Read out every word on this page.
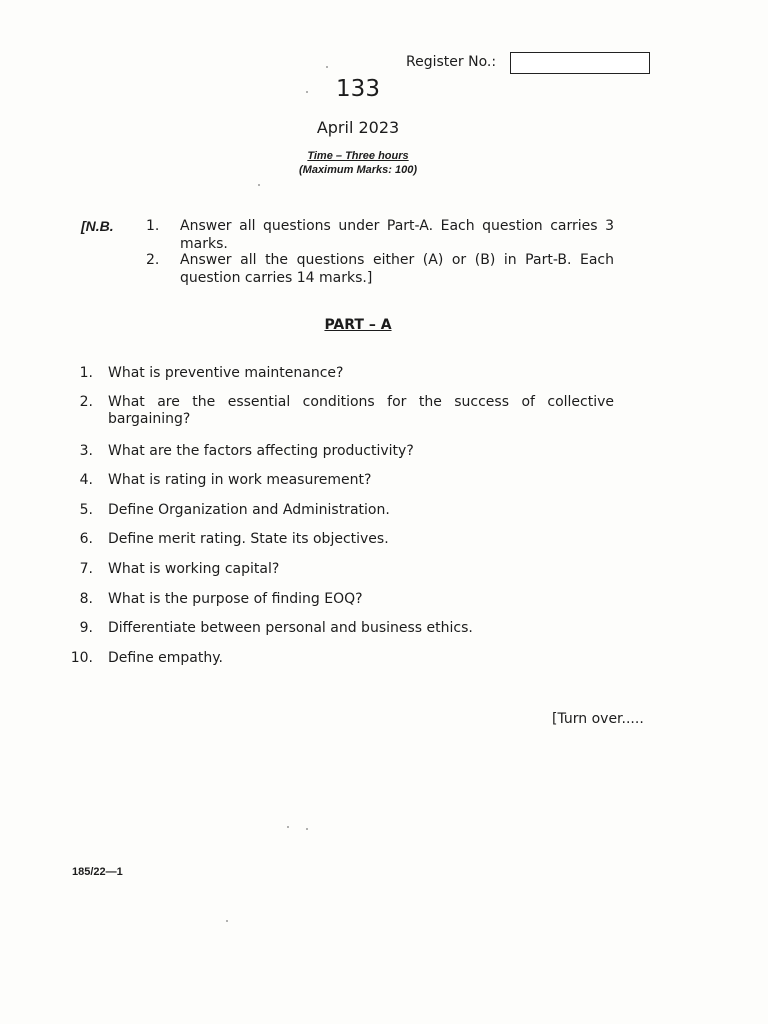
Register No.:
133
April 2023
Time – Three hours
(Maximum Marks: 100)
[N.B. 1. Answer all questions under Part-A. Each question carries 3 marks.
2. Answer all the questions either (A) or (B) in Part-B. Each question carries 14 marks.]
PART – A
1. What is preventive maintenance?
2. What are the essential conditions for the success of collective bargaining?
3. What are the factors affecting productivity?
4. What is rating in work measurement?
5. Define Organization and Administration.
6. Define merit rating. State its objectives.
7. What is working capital?
8. What is the purpose of finding EOQ?
9. Differentiate between personal and business ethics.
10. Define empathy.
[Turn over.....
185/22—1
